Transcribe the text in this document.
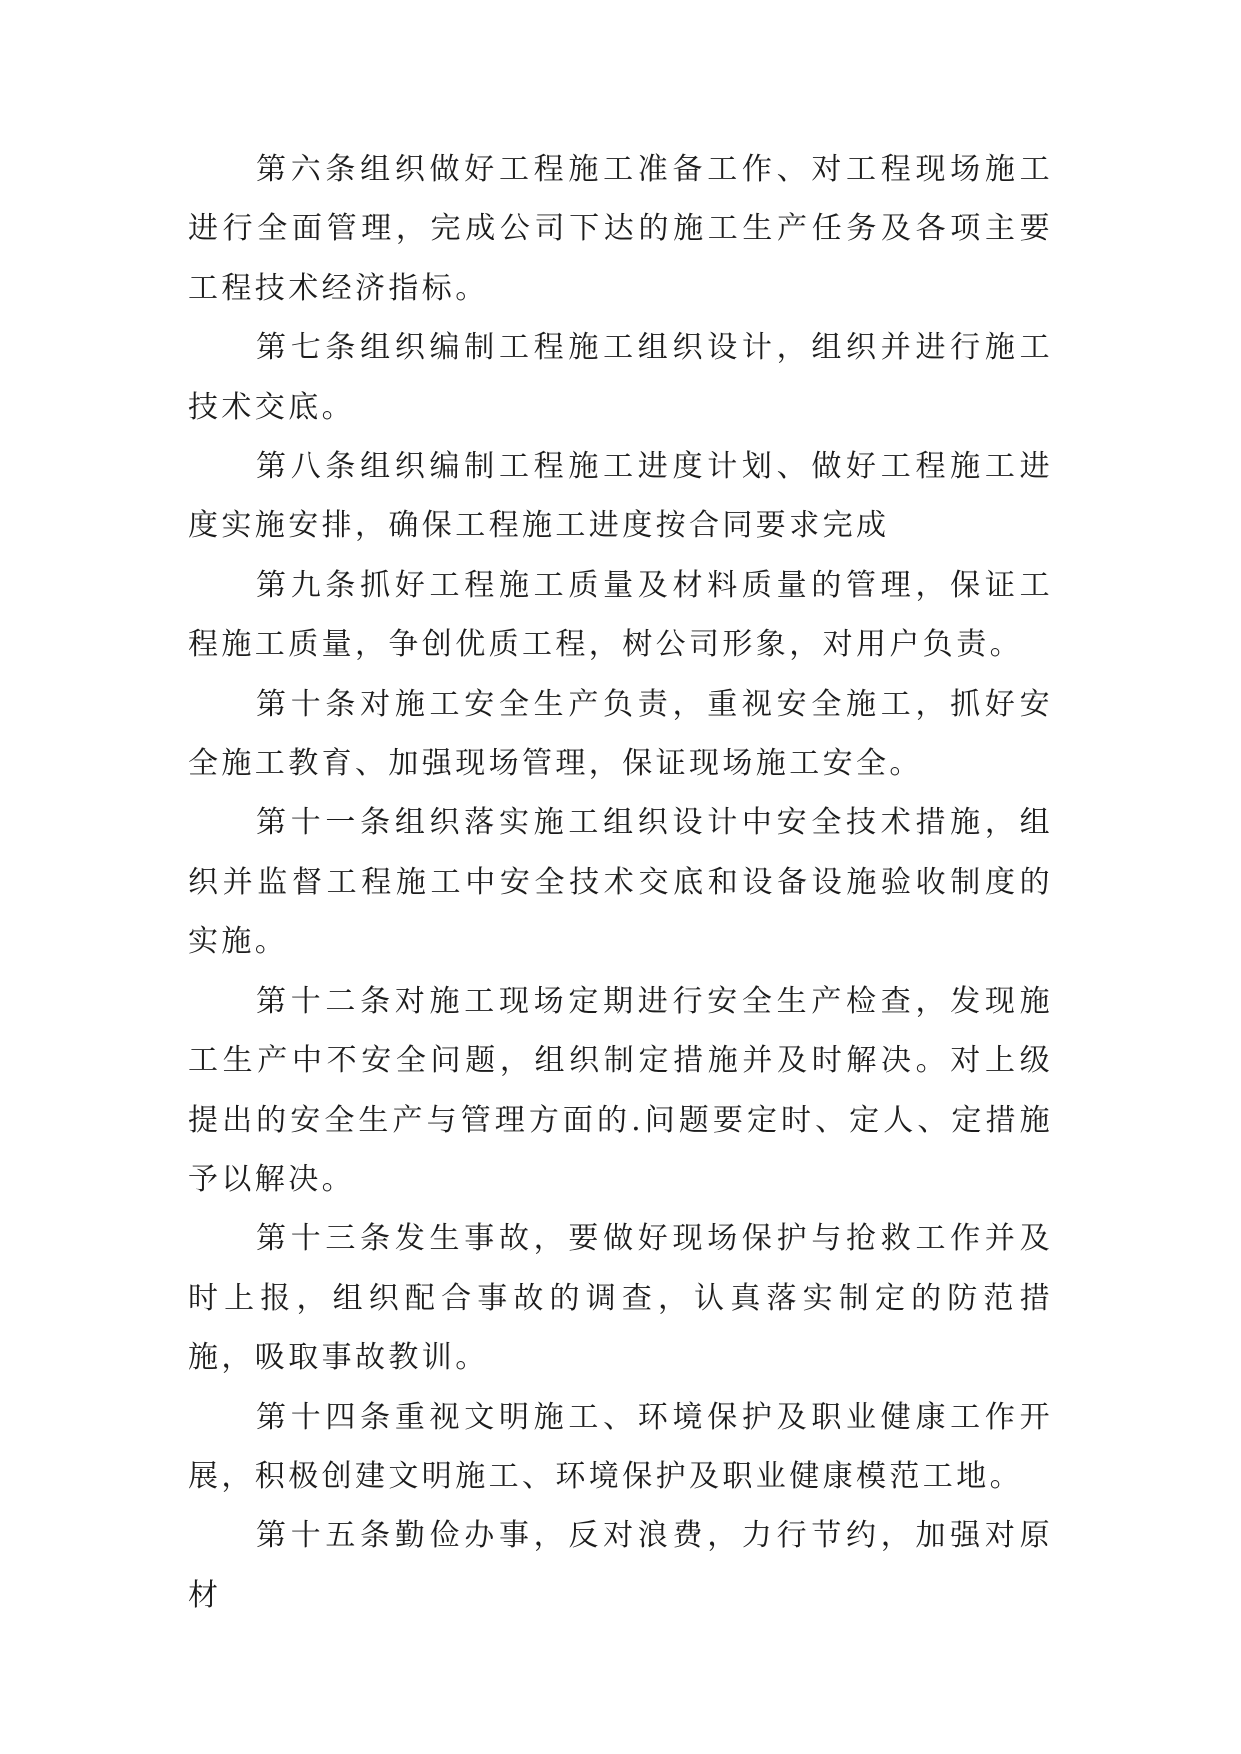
第六条组织做好工程施工准备工作、对工程现场施工进行全面管理，完成公司下达的施工生产任务及各项主要工程技术经济指标。

第七条组织编制工程施工组织设计，组织并进行施工技术交底。

第八条组织编制工程施工进度计划、做好工程施工进度实施安排，确保工程施工进度按合同要求完成

第九条抓好工程施工质量及材料质量的管理，保证工程施工质量，争创优质工程，树公司形象，对用户负责。

第十条对施工安全生产负责，重视安全施工，抓好安全施工教育、加强现场管理，保证现场施工安全。

第十一条组织落实施工组织设计中安全技术措施，组织并监督工程施工中安全技术交底和设备设施验收制度的实施。

第十二条对施工现场定期进行安全生产检查，发现施工生产中不安全问题，组织制定措施并及时解决。对上级提出的安全生产与管理方面的.问题要定时、定人、定措施予以解决。

第十三条发生事故，要做好现场保护与抢救工作并及时上报，组织配合事故的调查，认真落实制定的防范措施，吸取事故教训。

第十四条重视文明施工、环境保护及职业健康工作开展，积极创建文明施工、环境保护及职业健康模范工地。

第十五条勤俭办事，反对浪费，力行节约，加强对原材
